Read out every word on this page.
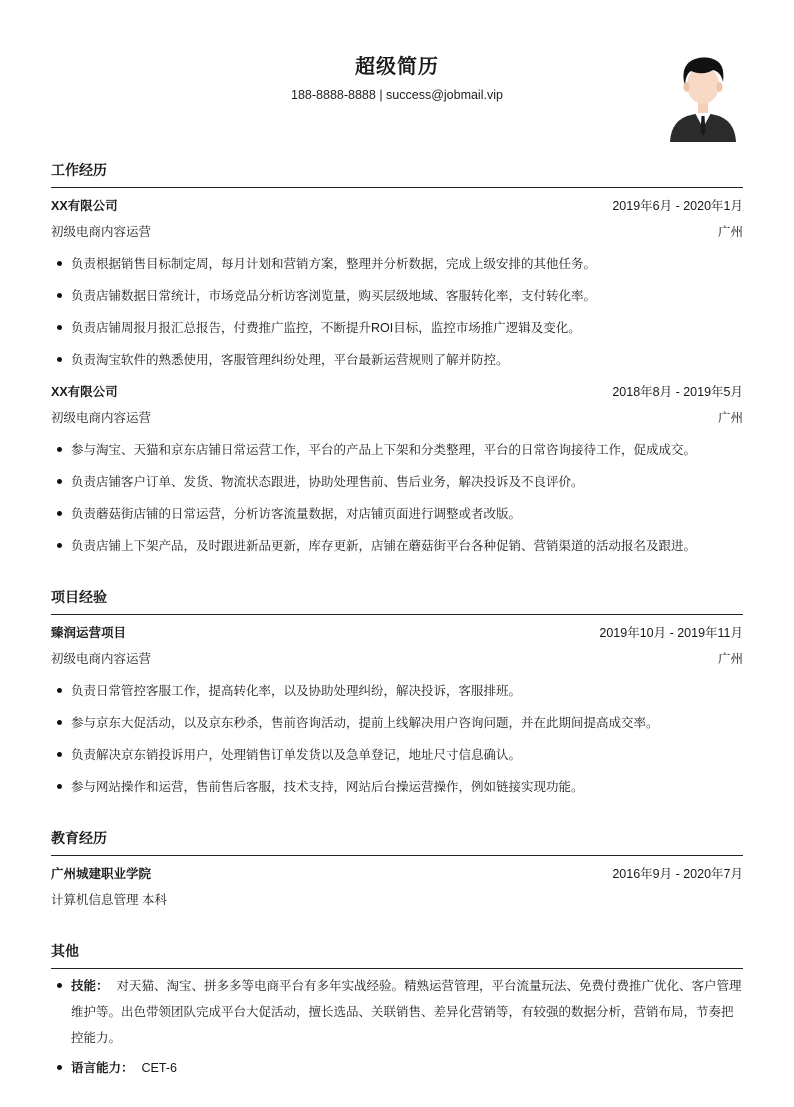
超级简历
188-8888-8888 | success@jobmail.vip
工作经历
XX有限公司	2019年6月 - 2020年1月
初级电商内容运营	广州
负责根据销售目标制定周，每月计划和营销方案，整理并分析数据，完成上级安排的其他任务。
负责店铺数据日常统计，市场竞品分析访客浏览量，购买层级地域、客服转化率，支付转化率。
负责店铺周报月报汇总报告，付费推广监控，不断提升ROI目标，监控市场推广逻辑及变化。
负责淘宝软件的熟悉使用，客服管理纠纷处理，平台最新运营规则了解并防控。
XX有限公司	2018年8月 - 2019年5月
初级电商内容运营	广州
参与淘宝、天猫和京东店铺日常运营工作，平台的产品上下架和分类整理，平台的日常咨询接待工作，促成成交。
负责店铺客户订单、发货、物流状态跟进，协助处理售前、售后业务，解决投诉及不良评价。
负责蘑菇街店铺的日常运营，分析访客流量数据，对店铺页面进行调整或者改版。
负责店铺上下架产品，及时跟进新品更新，库存更新，店铺在蘑菇街平台各种促销、营销渠道的活动报名及跟进。
项目经验
臻润运营项目	2019年10月 - 2019年11月
初级电商内容运营	广州
负责日常管控客服工作，提高转化率，以及协助处理纠纷，解决投诉，客服排班。
参与京东大促活动，以及京东秒杀，售前咨询活动，提前上线解决用户咨询问题，并在此期间提高成交率。
负责解决京东销投诉用户，处理销售订单发货以及急单登记，地址尺寸信息确认。
参与网站操作和运营，售前售后客服，技术支持，网站后台操运营操作，例如链接实现功能。
教育经历
广州城建职业学院	2016年9月 - 2020年7月
计算机信息管理 本科
其他
技能： 对天猫、淘宝、拼多多等电商平台有多年实战经验。精熟运营管理，平台流量玩法、免费付费推广优化、客户管理维护等。出色带领团队完成平台大促活动，擅长选品、关联销售、差异化营销等，有较强的数据分析，营销布局，节奏把控能力。
语言能力： CET-6
